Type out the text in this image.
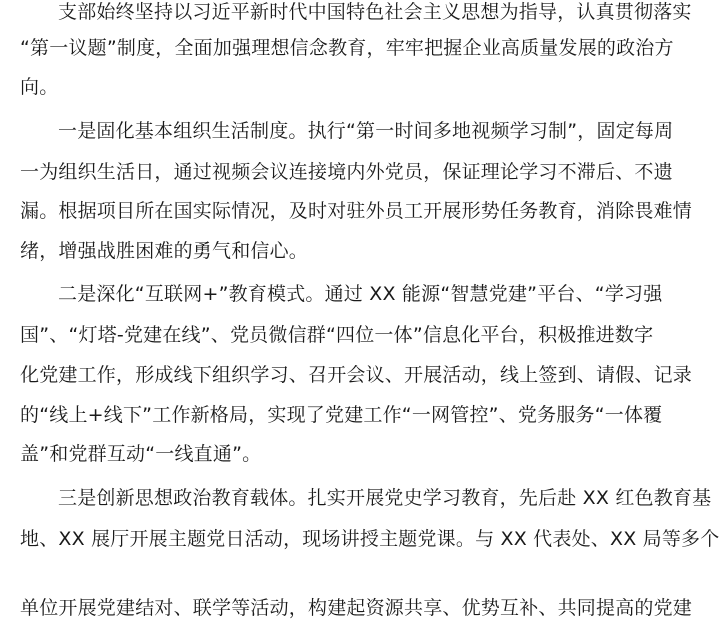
支部始终坚持以习近平新时代中国特色社会主义思想为指导，认真贯彻落实
“第一议题”制度，全面加强理想信念教育，牢牢把握企业高质量发展的政治方
向。
一是固化基本组织生活制度。执行“第一时间多地视频学习制”，固定每周
一为组织生活日，通过视频会议连接境内外党员，保证理论学习不滞后、不遗
漏。根据项目所在国实际情况，及时对驻外员工开展形势任务教育，消除畏难情
绪，增强战胜困难的勇气和信心。
二是深化“互联网+”教育模式。通过 XX 能源“智慧党建”平台、“学习强
国”、“灯塔-党建在线”、党员微信群“四位一体”信息化平台，积极推进数字
化党建工作，形成线下组织学习、召开会议、开展活动，线上签到、请假、记录
的“线上+线下”工作新格局，实现了党建工作“一网管控”、党务服务“一体覆
盖”和党群互动“一线直通”。
三是创新思想政治教育载体。扎实开展党史学习教育，先后赴 XX 红色教育基
地、XX 展厅开展主题党日活动，现场讲授主题党课。与 XX 代表处、XX 局等多个
单位开展党建结对、联学等活动，构建起资源共享、优势互补、共同提高的党建
